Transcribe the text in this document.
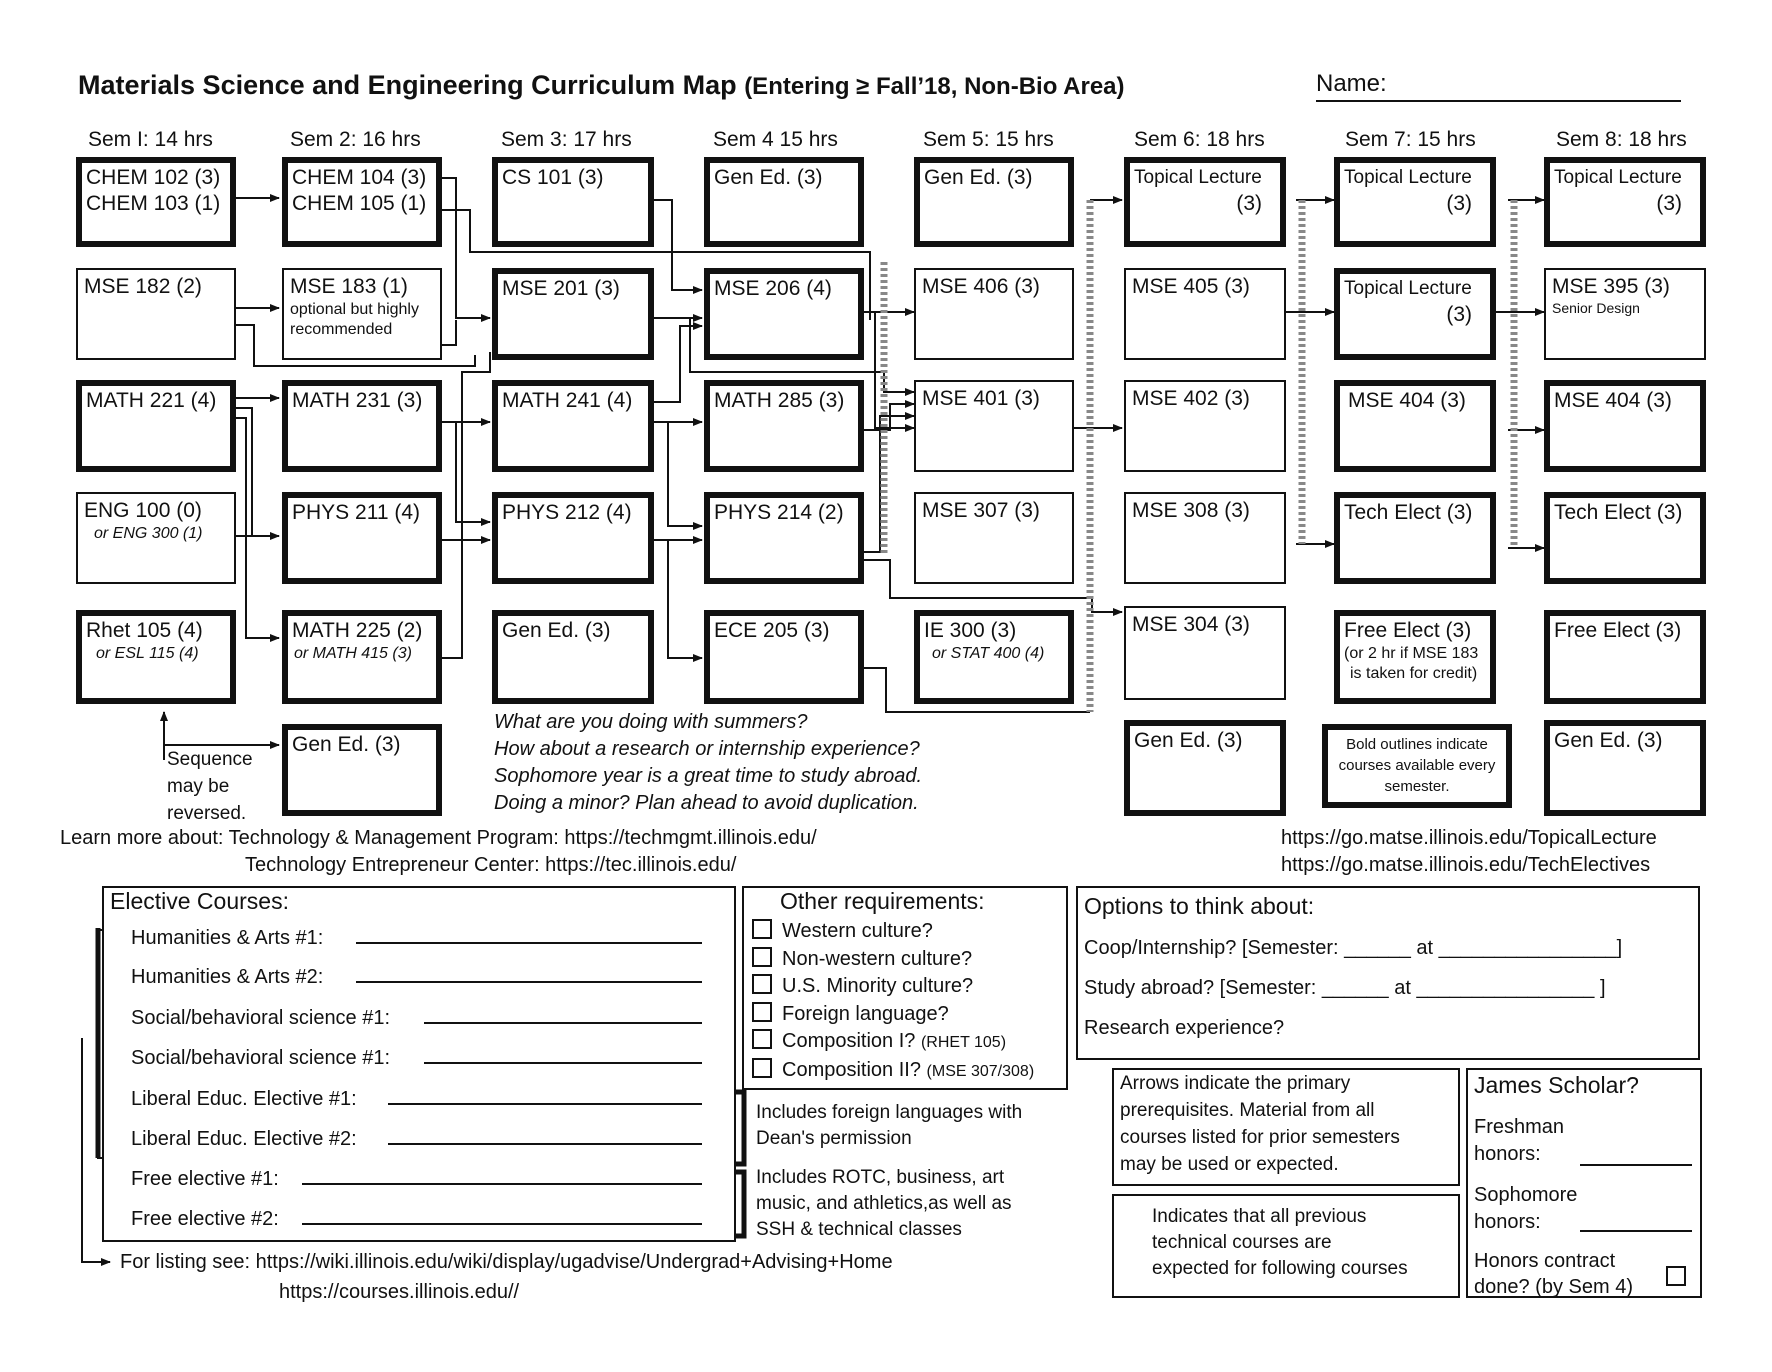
Materials Science and Engineering Curriculum Map (Entering ≥ Fall’18, Non-Bio Area)	Name:
Sem I: 14 hrs	Sem 2: 16 hrs	Sem 3: 17 hrs	Sem 4 15 hrs	Sem 5: 15 hrs	Sem 6: 18 hrs	Sem 7: 15 hrs	Sem 8: 18 hrs
CHEM 102 (3)
CHEM 103 (1)
MSE 182 (2)
MATH 221 (4)
ENG 100 (0)
or ENG 300 (1)
Rhet 105 (4)
or ESL 115 (4)
CHEM 104 (3)
CHEM 105 (1)
MSE 183 (1)
optional but highly
recommended
MATH 231 (3)
PHYS 211 (4)
MATH 225 (2)
or MATH 415 (3)
Gen Ed. (3)
CS 101 (3)
MSE 201 (3)
MATH 241 (4)
PHYS 212 (4)
Gen Ed. (3)
Gen Ed. (3)
MSE 206 (4)
MATH 285 (3)
PHYS 214 (2)
ECE 205 (3)
Gen Ed. (3)
MSE 406 (3)
MSE 401 (3)
MSE 307 (3)
IE 300 (3)
or STAT 400 (4)
Topical Lecture
(3)
MSE 405 (3)
MSE 402 (3)
MSE 308 (3)
MSE 304 (3)
Gen Ed. (3)
Topical Lecture
(3)
Topical Lecture
(3)
MSE 404 (3)
Tech Elect (3)
Free Elect (3)
(or 2 hr if MSE 183
is taken for credit)
Bold outlines indicate
courses available every
semester.
Topical Lecture
(3)
MSE 395 (3)
Senior Design
MSE 404 (3)
Tech Elect (3)
Free Elect (3)
Gen Ed. (3)
Sequence
may be
reversed.
What are you doing with summers?
How about a research or internship experience?
Sophomore year is a great time to study abroad.
Doing a minor? Plan ahead to avoid duplication.
Learn more about: Technology & Management Program: https://techmgmt.illinois.edu/
Technology Entrepreneur Center: https://tec.illinois.edu/
https://go.matse.illinois.edu/TopicalLecture
https://go.matse.illinois.edu/TechElectives
Elective Courses:
Humanities & Arts #1:
Humanities & Arts #2:
Social/behavioral science #1:
Social/behavioral science #1:
Liberal Educ. Elective #1:
Liberal Educ. Elective #2:
Free elective #1:
Free elective #2:
Includes foreign languages with
Dean's permission
Includes ROTC, business, art
music, and athletics,as well as
SSH & technical classes
For listing see: https://wiki.illinois.edu/wiki/display/ugadvise/Undergrad+Advising+Home
https://courses.illinois.edu//
Other requirements:
Western culture?
Non-western culture?
U.S. Minority culture?
Foreign language?
Composition I? (RHET 105)
Composition II? (MSE 307/308)
Options to think about:
Coop/Internship? [Semester: ______ at ________________]
Study abroad? [Semester: ______ at ________________ ]
Research experience?
Arrows indicate the primary
prerequisites. Material from all
courses listed for prior semesters
may be used or expected.
Indicates that all previous
technical courses are
expected for following courses
James Scholar?
Freshman
honors:
Sophomore
honors:
Honors contract
done? (by Sem 4)
